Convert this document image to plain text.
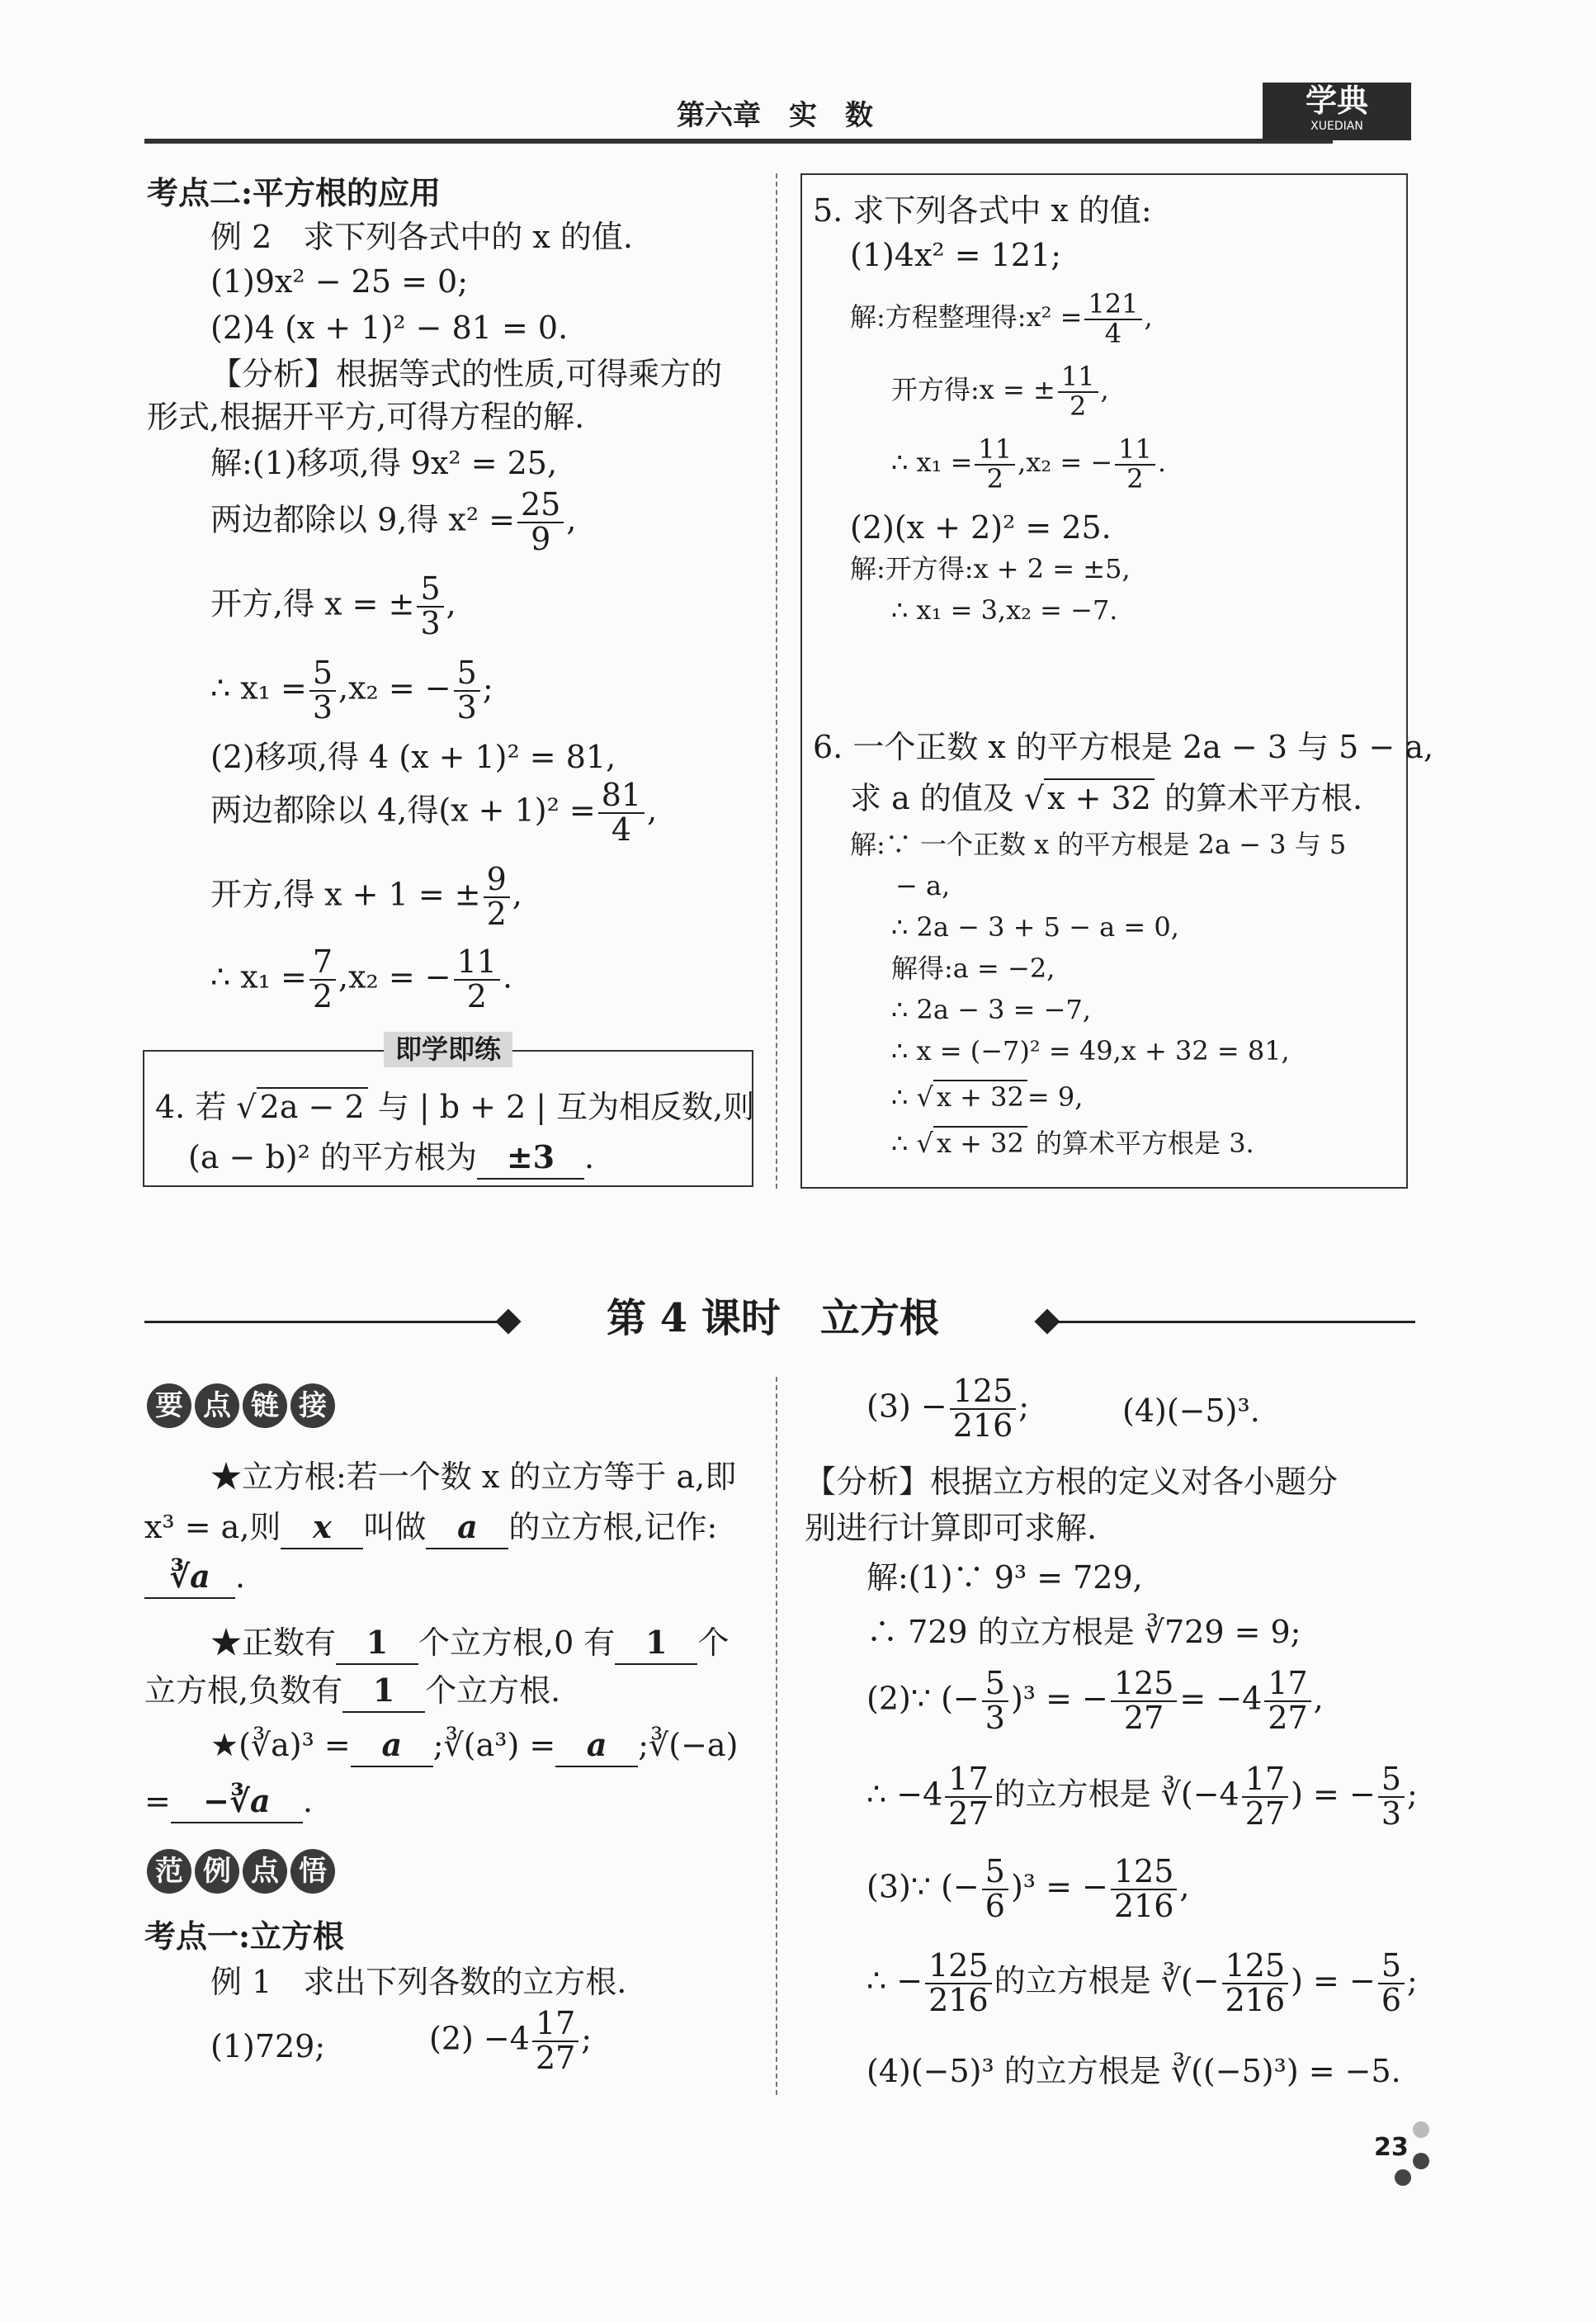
第六章　实　数	学典
XUEDIAN
考点二:平方根的应用
例 2　求下列各式中的 x 的值.
(1)9x² − 25 = 0;
(2)4 (x + 1)² − 81 = 0.
【分析】根据等式的性质,可得乘方的
形式,根据开平方,可得方程的解.
解:(1)移项,得 9x² = 25,
两边都除以 9,得 $x^2 = \frac{25}{9}$ ,
开方,得 x = ± $\frac{5}{3}$ ,
∴ $x_1 = \frac{5}{3} ,x_2$ = − $\frac{5}{3}$ ;
(2)移项,得 4 (x + 1)² = 81,
两边都除以 4,得$(x + 1)^2 = \frac{81}{4}$ ,
开方,得 x + 1 = ± $\frac{9}{2}$ ,
∴ $x_1 = \frac{7}{2} ,x_2$ = − $\frac{11}{2}$ .
即学即练
4. 若 √ 2a − 2 与 | b + 2 | 互为相反数,则
(a − b)² 的平方根为 ±3 .
5. 求下列各式中 x 的值:
(1)4x² = 121;
解:方程整理得:x² = $\frac{121}{4}$ ,
开方得:x = ± $\frac{11}{2}$ ,
∴ $x_1 = \frac{11}{2} ,x_2$ = − $\frac{11}{2}$ .
(2)(x + 2)² = 25.
解:开方得:x + 2 = ±5,
∴ x₁ = 3,x₂ = −7.
6. 一个正数 x 的平方根是 2a − 3 与 5 − a,
求 a 的值及 √ x + 32 的算术平方根.
解:∵ 一个正数 x 的平方根是 2a − 3 与 5
− a,
∴ 2a − 3 + 5 − a = 0,
解得:a = −2,
∴ 2a − 3 = −7,
∴ x = (−7)² = 49,x + 32 = 81,
∴ √ x + 32 = 9,
∴ √ x + 32 的算术平方根是 3.
第 4 课时　立方根
要 点 链 接
★立方根:若一个数 x 的立方等于 a,即
x³ = a,则 x 叫做 a 的立方根,记作:
∛a .
★正数有 1 个立方根,0 有 1 个
立方根,负数有 1 个立方根.
★(∛a)³ = a ;∛(a³) = a ;∛(−a)
= −∛a .
范 例 点 悟
考点一:立方根
例 1　求出下列各数的立方根.
(1)729;	$(2) -4 \frac{17}{27}$ ;
$(3) - \frac{125}{216}$ ;	(4)(−5)³.
【分析】根据立方根的定义对各小题分
别进行计算即可求解.
解:(1)∵ 9³ = 729,
∴ 729 的立方根是 ∛729 = 9;
(2)∵ (− $\frac{5}{3} )^3$ = − $\frac{125}{27} = -4 \frac{17}{27}$ ,
∴ $-4 \frac{17}{27}$ 的立方根是 ∛(−4 $\frac{17}{27}$ ) = − $\frac{5}{3}$ ;
(3)∵ (− $\frac{5}{6} )^3$ = − $\frac{125}{216}$ ,
∴ − $\frac{125}{216}$ 的立方根是 ∛(− $\frac{125}{216}$ ) = − $\frac{5}{6}$ ;
(4)(−5)³ 的立方根是 ∛((−5)³) = −5.
23
